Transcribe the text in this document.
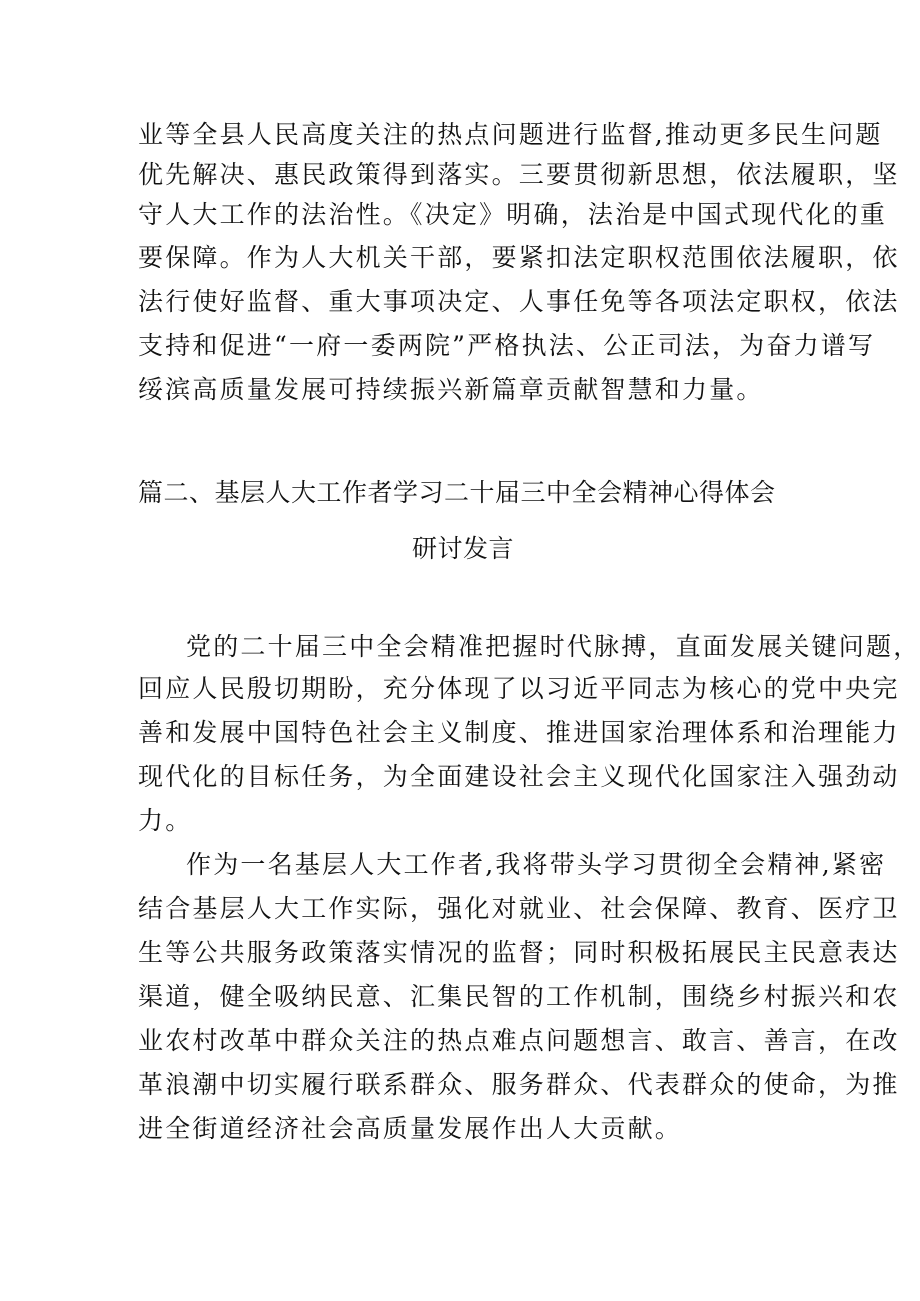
业等全县人民高度关注的热点问题进行监督,推动更多民生问题
优先解决、惠民政策得到落实。三要贯彻新思想，依法履职，坚
守人大工作的法治性。《决定》明确，法治是中国式现代化的重
要保障。作为人大机关干部，要紧扣法定职权范围依法履职，依
法行使好监督、重大事项决定、人事任免等各项法定职权，依法
支持和促进“一府一委两院”严格执法、公正司法，为奋力谱写
绥滨高质量发展可持续振兴新篇章贡献智慧和力量。
篇二、基层人大工作者学习二十届三中全会精神心得体会
研讨发言
党的二十届三中全会精准把握时代脉搏，直面发展关键问题，
回应人民殷切期盼，充分体现了以习近平同志为核心的党中央完
善和发展中国特色社会主义制度、推进国家治理体系和治理能力
现代化的目标任务，为全面建设社会主义现代化国家注入强劲动
力。
作为一名基层人大工作者,我将带头学习贯彻全会精神,紧密
结合基层人大工作实际，强化对就业、社会保障、教育、医疗卫
生等公共服务政策落实情况的监督；同时积极拓展民主民意表达
渠道，健全吸纳民意、汇集民智的工作机制，围绕乡村振兴和农
业农村改革中群众关注的热点难点问题想言、敢言、善言，在改
革浪潮中切实履行联系群众、服务群众、代表群众的使命，为推
进全街道经济社会高质量发展作出人大贡献。
